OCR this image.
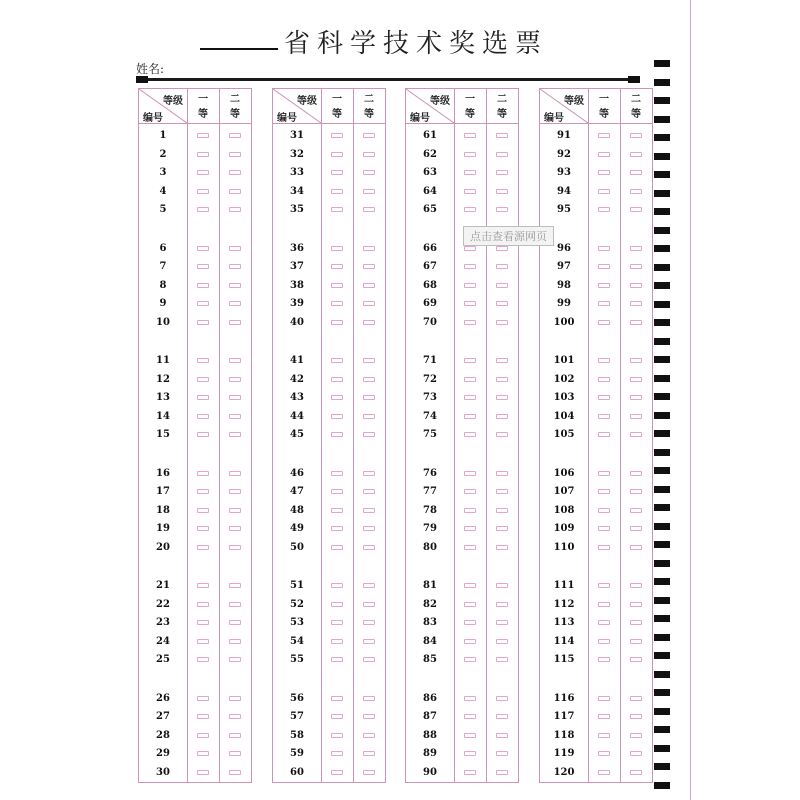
省科学技术奖选票
姓名:
等级
编号
一
等
二
等
1
2
3
4
5
6
7
8
9
10
11
12
13
14
15
16
17
18
19
20
21
22
23
24
25
26
27
28
29
30
等级
编号
一
等
二
等
31
32
33
34
35
36
37
38
39
40
41
42
43
44
45
46
47
48
49
50
51
52
53
54
55
56
57
58
59
60
等级
编号
一
等
二
等
61
62
63
64
65
66
67
68
69
70
71
72
73
74
75
76
77
78
79
80
81
82
83
84
85
86
87
88
89
90
等级
编号
一
等
二
等
91
92
93
94
95
96
97
98
99
100
101
102
103
104
105
106
107
108
109
110
111
112
113
114
115
116
117
118
119
120
点击查看源网页
